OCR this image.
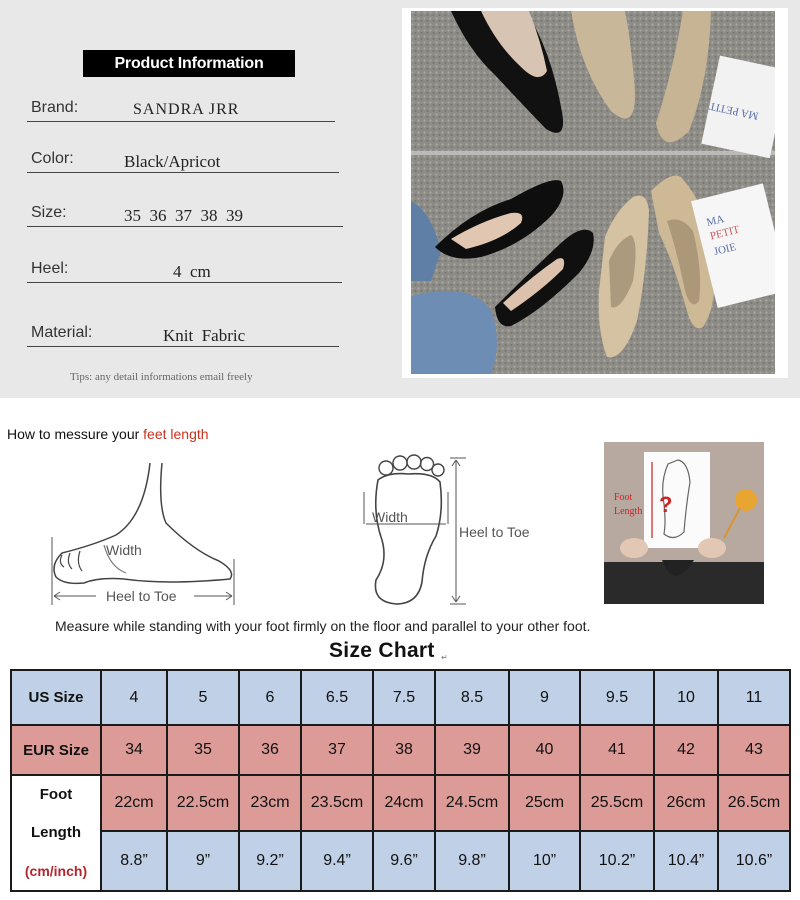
Product Information
Brand:	SANDRA JRR
Color:	Black/Apricot
Size:	35  36  37  38  39
Heel:	4  cm
Material:	Knit  Fabric
Tips: any detail informations email freely
MA PETIT
MA
PETIT
JOIE
How to messure your feet length
Width
Heel to Toe
Width
Heel to Toe
?
Foot
Length
Measure while standing with your foot firmly on the floor and parallel to your other foot.
Size Chart ↵
US Size	4	5	6	6.5	7.5	8.5	9	9.5	10	11
EUR Size	34	35	36	37	38	39	40	41	42	43

Foot
Length
(cm/inch)	22cm	22.5cm	23cm	23.5cm	24cm	24.5cm	25cm	25.5cm	26cm	26.5cm
	8.8”	9”	9.2”	9.4”	9.6”	9.8”	10”	10.2”	10.4”	10.6”
